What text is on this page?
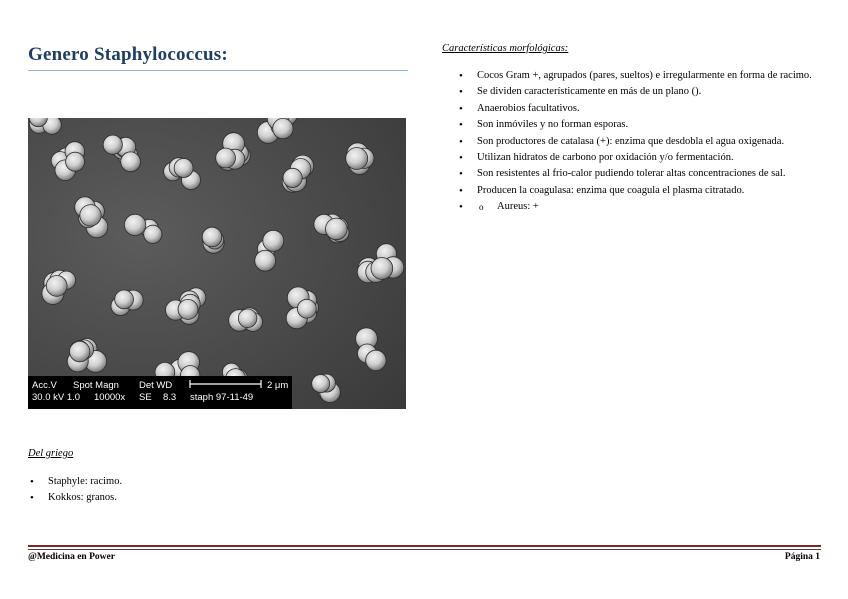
Genero Staphylococcus:
Acc.V Spot Magn Det WD	2 μm
30.0 kV 1.0 10000x SE 8.3 staph 97-11-49
Del griego
• Staphyle: racimo.
• Kokkos: granos.
Características morfológicas:
• Cocos Gram +, agrupados (pares, sueltos) e irregularmente en forma de racimo.
• Se dividen característicamente en más de un plano ().
• Anaerobios facultativos.
• Son inmóviles y no forman esporas.
• Son productores de catalasa (+): enzima que desdobla el agua oxigenada.
• Utilizan hidratos de carbono por oxidación y/o fermentación.
• Son resistentes al frio-calor pudiendo tolerar altas concentraciones de sal.
• Producen la coagulasa: enzima que coagula el plasma citratado.
o • Aureus: +
@Medicina en Power	Página 1
